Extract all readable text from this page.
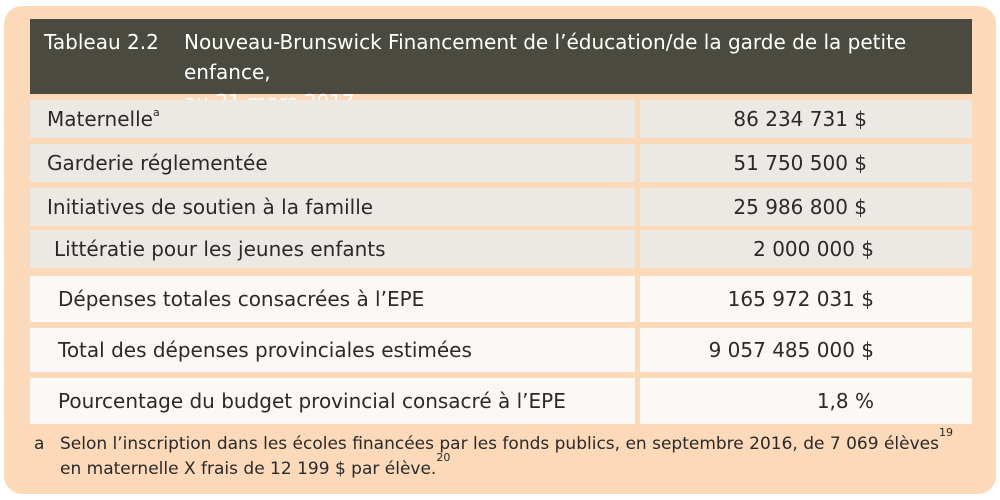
Tableau 2.2	Nouveau-Brunswick Financement de l’éducation/de la garde de la petite enfance,
Maternelle$^a$	86 234 731 $
Garderie réglementée	51 750 500 $
Initiatives de soutien à la famille	25 986 800 $
Littératie pour les jeunes enfants	2 000 000 $
Dépenses totales consacrées à l’EPE	165 972 031 $
Total des dépenses provinciales estimées	9 057 485 000 $
Pourcentage du budget provincial consacré à l’EPE	1,8 %
a Selon l’inscription dans les écoles financées par les fonds publics, en septembre 2016, de 7 069 élèves$^{19}$ en maternelle X frais de 12 199 $ par élève.$^{20}$
